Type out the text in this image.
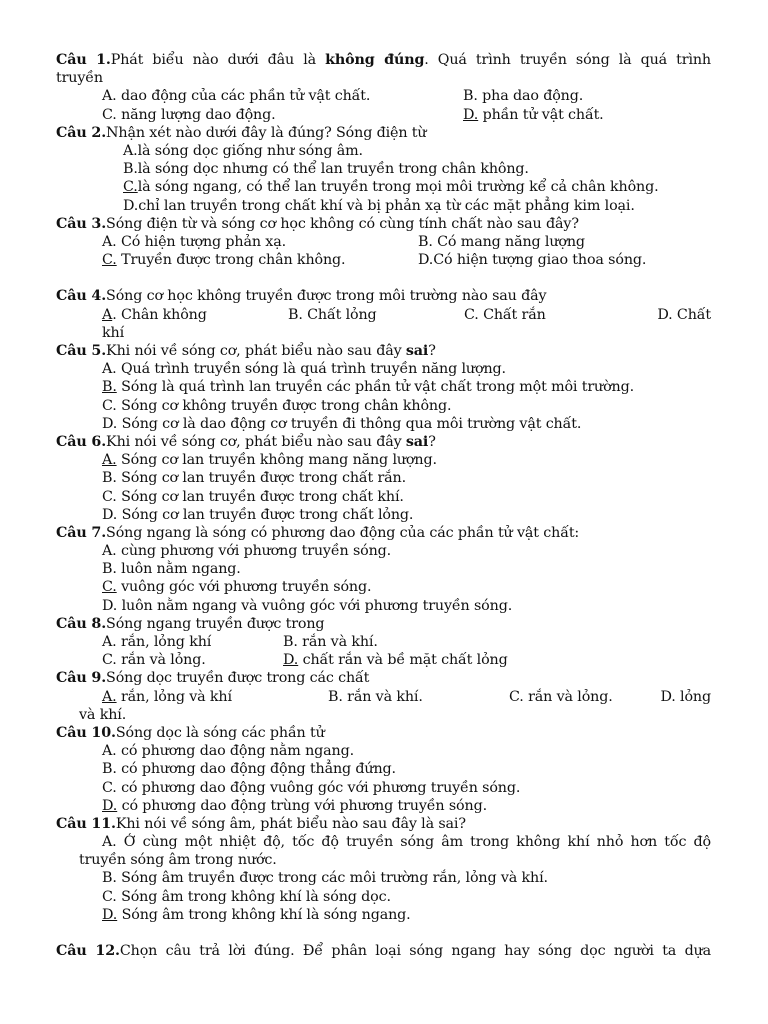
Câu 1.Phát biểu nào dưới đâu là không đúng. Quá trình truyền sóng là quá trình
truyền
A. dao động của các phần tử vật chất.	B. pha dao động.
C. năng lượng dao động.	D. phần tử vật chất.
Câu 2.Nhận xét nào dưới đây là đúng? Sóng điện từ
A.là sóng dọc giống như sóng âm.
B.là sóng dọc nhưng có thể lan truyền trong chân không.
C.là sóng ngang, có thể lan truyền trong mọi môi trường kể cả chân không.
D.chỉ lan truyền trong chất khí và bị phản xạ từ các mặt phẳng kim loại.
Câu 3.Sóng điện từ và sóng cơ học không có cùng tính chất nào sau đây?
A. Có hiện tượng phản xạ.	B. Có mang năng lượng
C. Truyền được trong chân không.	D.Có hiện tượng giao thoa sóng.
Câu 4.Sóng cơ học không truyền được trong môi trường nào sau đây
A. Chân không	B. Chất lỏng	C. Chất rắn	D. Chất
khí
Câu 5.Khi nói về sóng cơ, phát biểu nào sau đây sai?
A. Quá trình truyền sóng là quá trình truyền năng lượng.
B. Sóng là quá trình lan truyền các phần tử vật chất trong một môi trường.
C. Sóng cơ không truyền được trong chân không.
D. Sóng cơ là dao động cơ truyền đi thông qua môi trường vật chất.
Câu 6.Khi nói về sóng cơ, phát biểu nào sau đây sai?
A. Sóng cơ lan truyền không mang năng lượng.
B. Sóng cơ lan truyền được trong chất rắn.
C. Sóng cơ lan truyền được trong chất khí.
D. Sóng cơ lan truyền được trong chất lỏng.
Câu 7.Sóng ngang là sóng có phương dao động của các phần tử vật chất:
A. cùng phương với phương truyền sóng.
B. luôn nằm ngang.
C. vuông góc với phương truyền sóng.
D. luôn nằm ngang và vuông góc với phương truyền sóng.
Câu 8.Sóng ngang truyền được trong
A. rắn, lỏng khí	B. rắn và khí.
C. rắn và lỏng.	D. chất rắn và bề mặt chất lỏng
Câu 9.Sóng dọc truyền được trong các chất
A. rắn, lỏng và khí	B. rắn và khí.	C. rắn và lỏng.	D. lỏng
và khí.
Câu 10.Sóng dọc là sóng các phần tử
A. có phương dao động nằm ngang.
B. có phương dao động động thẳng đứng.
C. có phương dao động vuông góc với phương truyền sóng.
D. có phương dao động trùng với phương truyền sóng.
Câu 11.Khi nói về sóng âm, phát biểu nào sau đây là sai?
A. Ở cùng một nhiệt độ, tốc độ truyền sóng âm trong không khí nhỏ hơn tốc độ
truyền sóng âm trong nước.
B. Sóng âm truyền được trong các môi trường rắn, lỏng và khí.
C. Sóng âm trong không khí là sóng dọc.
D. Sóng âm trong không khí là sóng ngang.
Câu 12.Chọn câu trả lời đúng. Để phân loại sóng ngang hay sóng dọc người ta dựa
